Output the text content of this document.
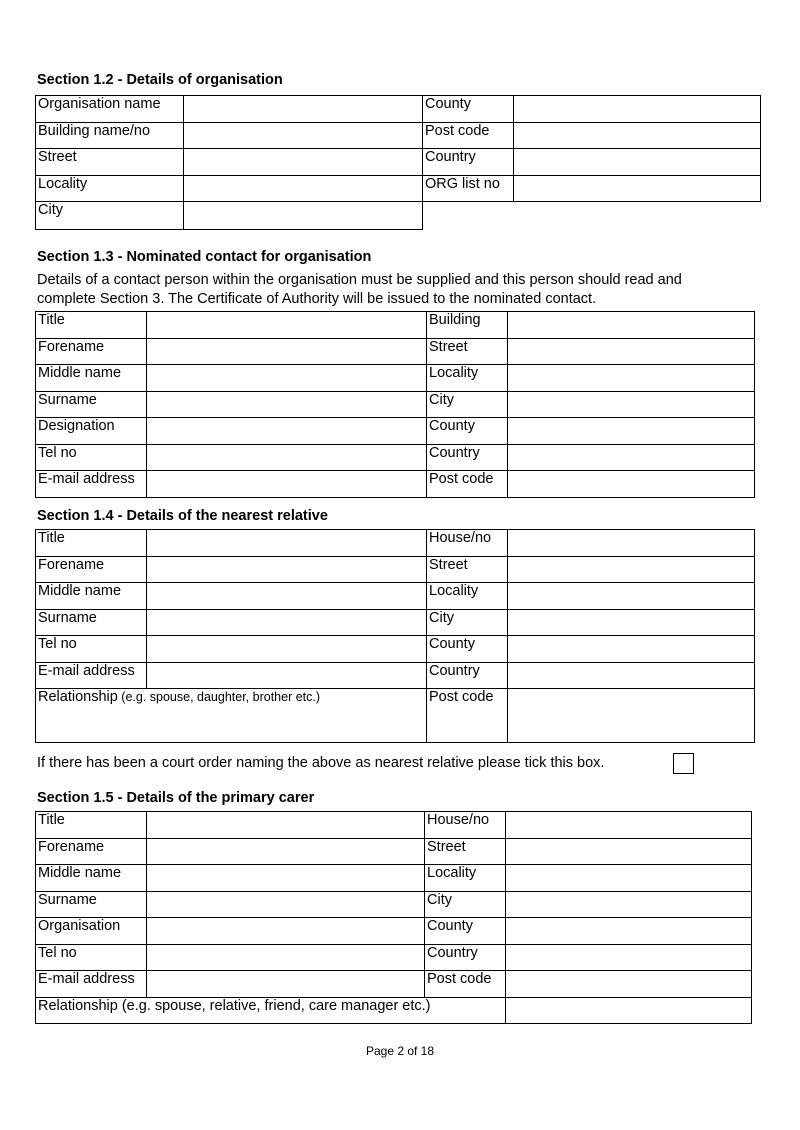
Section 1.2 - Details of organisation
Organisation name		County	
Building name/no		Post code	
Street		Country	
Locality		ORG list no	
City			
Section 1.3 - Nominated contact for organisation
Details of a contact person within the organisation must be supplied and this person should read and
complete Section 3. The Certificate of Authority will be issued to the nominated contact.
Title		Building	
Forename		Street	
Middle name		Locality	
Surname		City	
Designation		County	
Tel no		Country	
E-mail address		Post code	
Section 1.4 - Details of the nearest relative
Title		House/no	
Forename		Street	
Middle name		Locality	
Surname		City	
Tel no		County	
E-mail address		Country	
Relationship (e.g. spouse, daughter, brother etc.)		Post code	
If there has been a court order naming the above as nearest relative please tick this box.
Section 1.5 - Details of the primary carer
Title		House/no	
Forename		Street	
Middle name		Locality	
Surname		City	
Organisation		County	
Tel no		Country	
E-mail address		Post code	
Relationship (e.g. spouse, relative, friend, care manager etc.)			
Page 2 of 18
